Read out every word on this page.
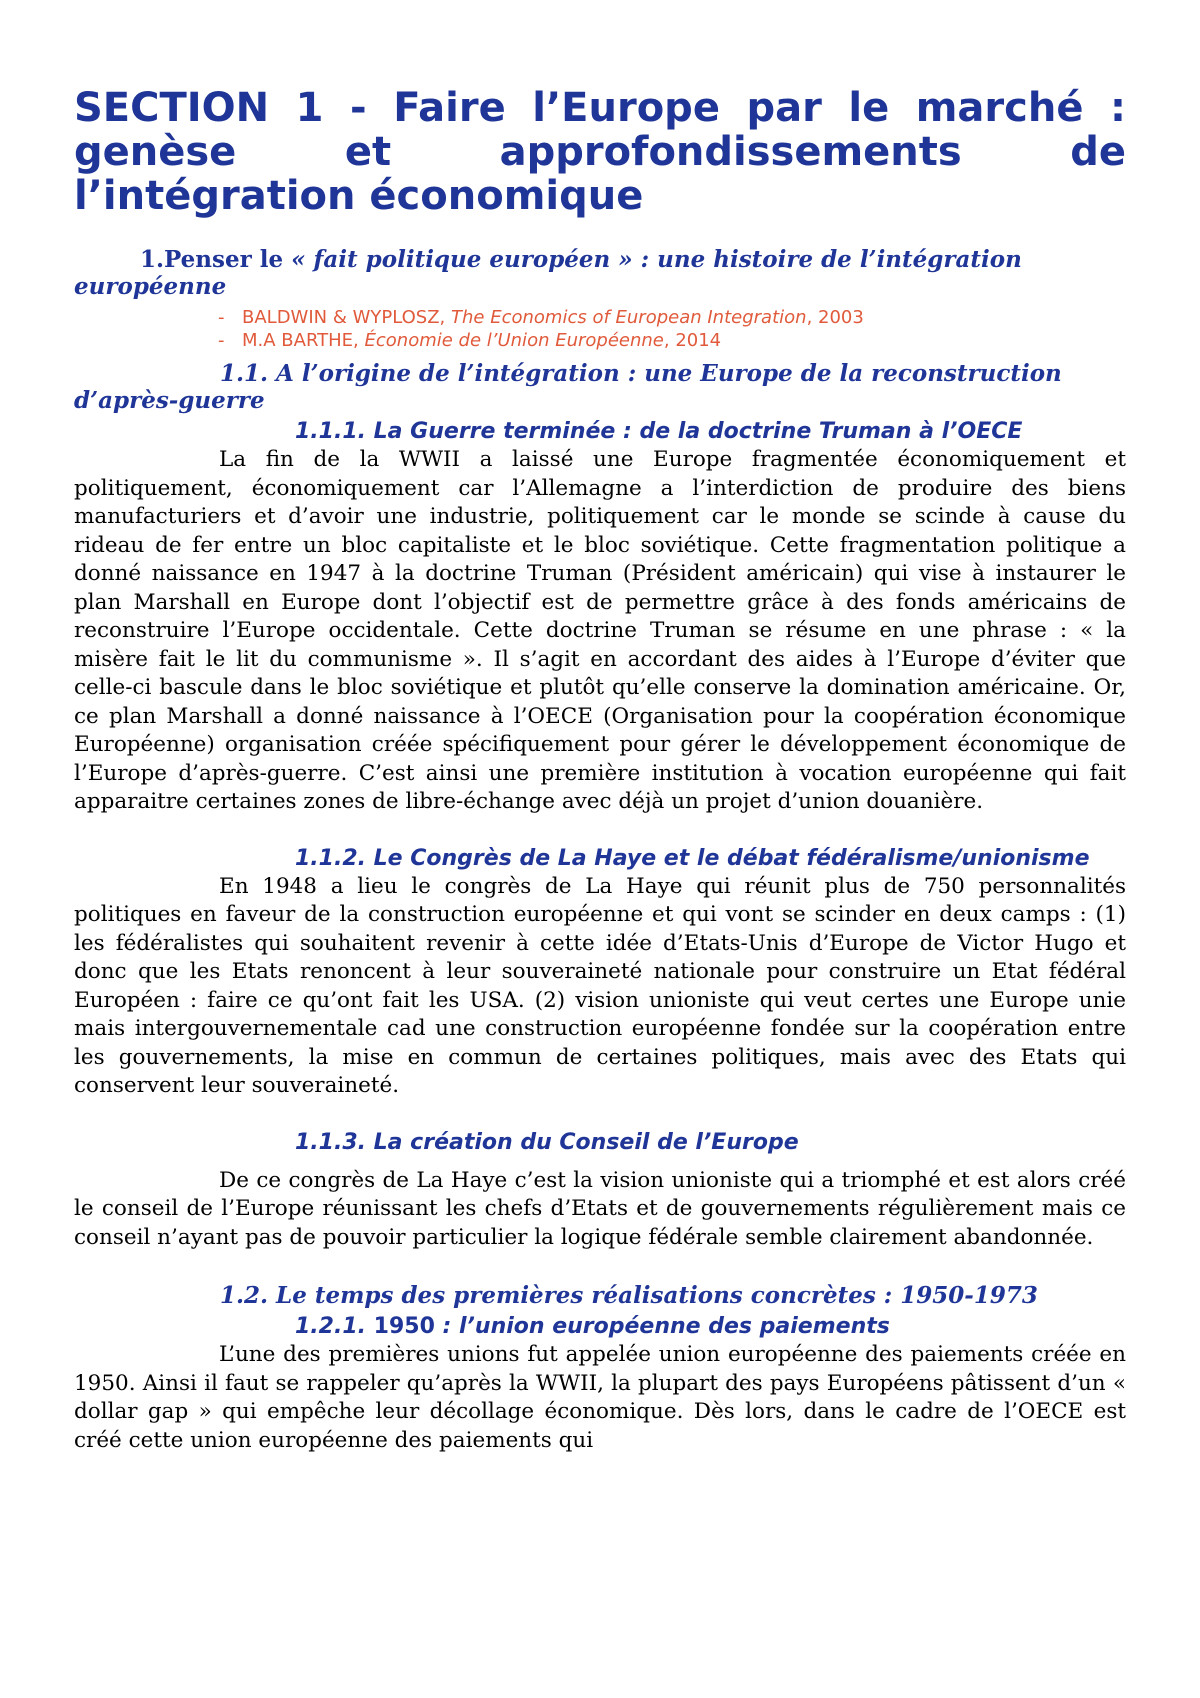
SECTION 1 - Faire l’Europe par le marché : genèse et approfondissements de l’intégration économique
1.Penser le « fait politique européen » : une histoire de l’intégration européenne
- BALDWIN & WYPLOSZ, The Economics of European Integration, 2003
- M.A BARTHE, Économie de l’Union Européenne, 2014
1.1. A l’origine de l’intégration : une Europe de la reconstruction d’après-guerre
1.1.1. La Guerre terminée : de la doctrine Truman à l’OECE

La fin de la WWII a laissé une Europe fragmentée économiquement et politiquement, économiquement car l’Allemagne a l’interdiction de produire des biens manufacturiers et d’avoir une industrie, politiquement car le monde se scinde à cause du rideau de fer entre un bloc capitaliste et le bloc soviétique. Cette fragmentation politique a donné naissance en 1947 à la doctrine Truman (Président américain) qui vise à instaurer le plan Marshall en Europe dont l’objectif est de permettre grâce à des fonds américains de reconstruire l’Europe occidentale. Cette doctrine Truman se résume en une phrase : « la misère fait le lit du communisme ». Il s’agit en accordant des aides à l’Europe d’éviter que celle-ci bascule dans le bloc soviétique et plutôt qu’elle conserve la domination américaine. Or, ce plan Marshall a donné naissance à l’OECE (Organisation pour la coopération économique Européenne) organisation créée spécifiquement pour gérer le développement économique de l’Europe d’après-guerre. C’est ainsi une première institution à vocation européenne qui fait apparaitre certaines zones de libre-échange avec déjà un projet d’union douanière.

1.1.2. Le Congrès de La Haye et le débat fédéralisme/unionisme

En 1948 a lieu le congrès de La Haye qui réunit plus de 750 personnalités politiques en faveur de la construction européenne et qui vont se scinder en deux camps : (1) les fédéralistes qui souhaitent revenir à cette idée d’Etats-Unis d’Europe de Victor Hugo et donc que les Etats renoncent à leur souveraineté nationale pour construire un Etat fédéral Européen : faire ce qu’ont fait les USA. (2) vision unioniste qui veut certes une Europe unie mais intergouvernementale cad une construction européenne fondée sur la coopération entre les gouvernements, la mise en commun de certaines politiques, mais avec des Etats qui conservent leur souveraineté.

1.1.3. La création du Conseil de l’Europe

De ce congrès de La Haye c’est la vision unioniste qui a triomphé et est alors créé le conseil de l’Europe réunissant les chefs d’Etats et de gouvernements régulièrement mais ce conseil n’ayant pas de pouvoir particulier la logique fédérale semble clairement abandonnée.

1.2. Le temps des premières réalisations concrètes : 1950-1973
1.2.1. 1950 : l’union européenne des paiements

L’une des premières unions fut appelée union européenne des paiements créée en 1950. Ainsi il faut se rappeler qu’après la WWII, la plupart des pays Européens pâtissent d’un « dollar gap » qui empêche leur décollage économique. Dès lors, dans le cadre de l’OECE est créé cette union européenne des paiements qui
